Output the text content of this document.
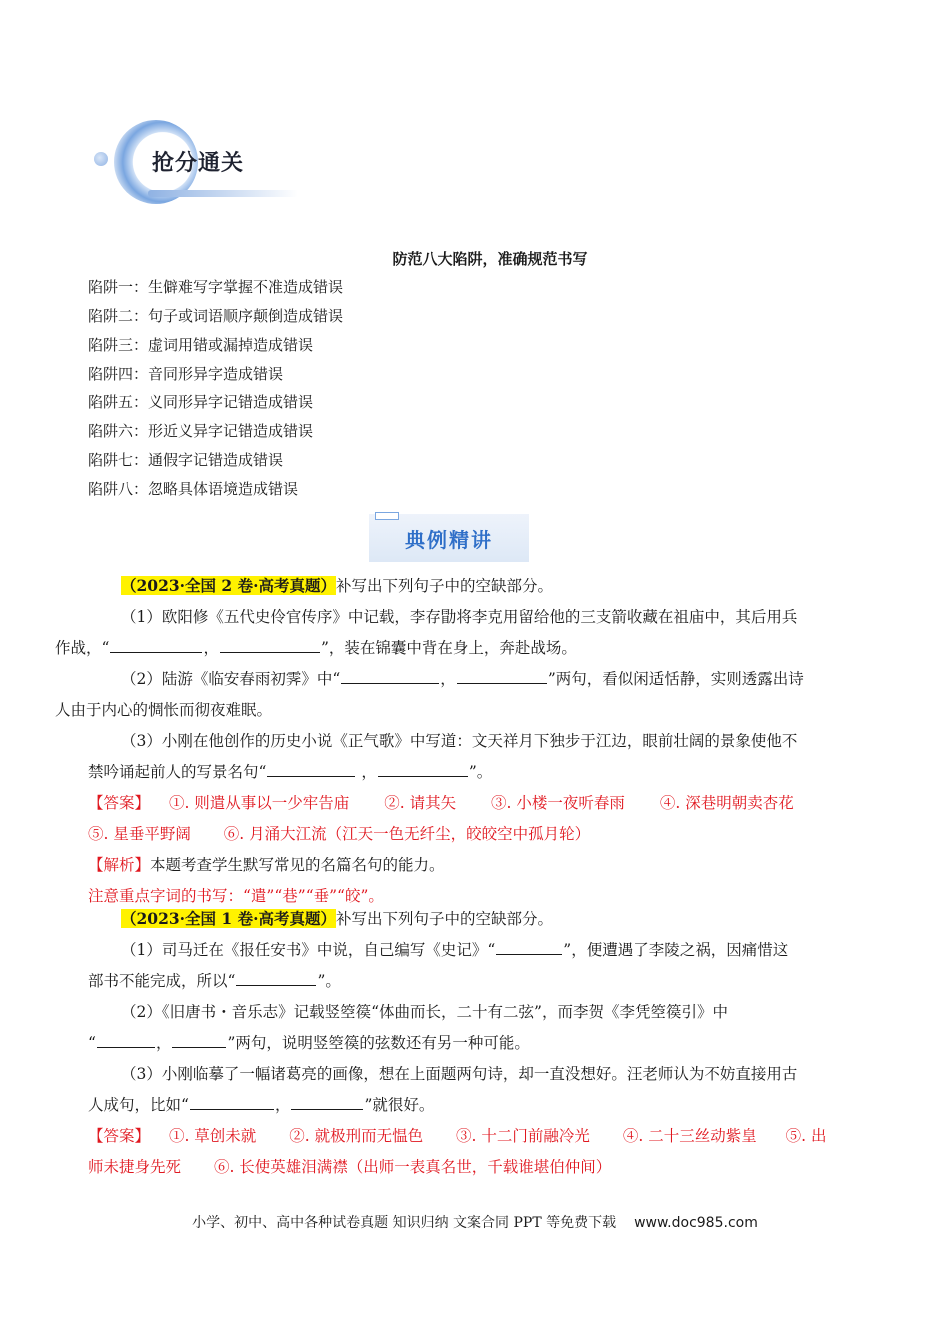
抢分通关
防范八大陷阱，准确规范书写
陷阱一：生僻难写字掌握不准造成错误
陷阱二：句子或词语顺序颠倒造成错误
陷阱三：虚词用错或漏掉造成错误
陷阱四：音同形异字造成错误
陷阱五：义同形异字记错造成错误
陷阱六：形近义异字记错造成错误
陷阱七：通假字记错造成错误
陷阱八：忽略具体语境造成错误
典例精讲
（2023·全国 2 卷·高考真题）补写出下列句子中的空缺部分。
（1）欧阳修《五代史伶官传序》中记载，李存勖将李克用留给他的三支箭收藏在祖庙中，其后用兵
作战，“	，	”，装在锦囊中背在身上，奔赴战场。
（2）陆游《临安春雨初霁》中“	，	”两句，看似闲适恬静，实则透露出诗
人由于内心的惆怅而彻夜难眠。
（3）小刚在他创作的历史小说《正气歌》中写道：文天祥月下独步于江边，眼前壮阔的景象使他不
禁吟诵起前人的写景名句“	，	”。
【答案】 ①. 则遣从事以一少牢告庙 ②. 请其矢 ③. 小楼一夜听春雨 ④. 深巷明朝卖杏花
⑤. 星垂平野阔 ⑥. 月涌大江流（江天一色无纤尘，皎皎空中孤月轮）
【解析】本题考查学生默写常见的名篇名句的能力。
注意重点字词的书写：“遣”“巷”“垂”“皎”。
（2023·全国 1 卷·高考真题）补写出下列句子中的空缺部分。
（1）司马迁在《报任安书》中说，自己编写《史记》“	”，便遭遇了李陵之祸，因痛惜这
部书不能完成，所以“	”。
（2）《旧唐书・音乐志》记载竖箜篌“体曲而长，二十有二弦”，而李贺《李凭箜篌引》中
“	，	”两句，说明竖箜篌的弦数还有另一种可能。
（3）小刚临摹了一幅诸葛亮的画像，想在上面题两句诗，却一直没想好。汪老师认为不妨直接用古
人成句，比如“	，	”就很好。
【答案】 ①. 草创未就 ②. 就极刑而无愠色 ③. 十二门前融冷光 ④. 二十三丝动紫皇 ⑤. 出
师未捷身先死 ⑥. 长使英雄泪满襟（出师一表真名世，千载谁堪伯仲间）
小学、初中、高中各种试卷真题 知识归纳 文案合同 PPT 等免费下载 www.doc985.com
